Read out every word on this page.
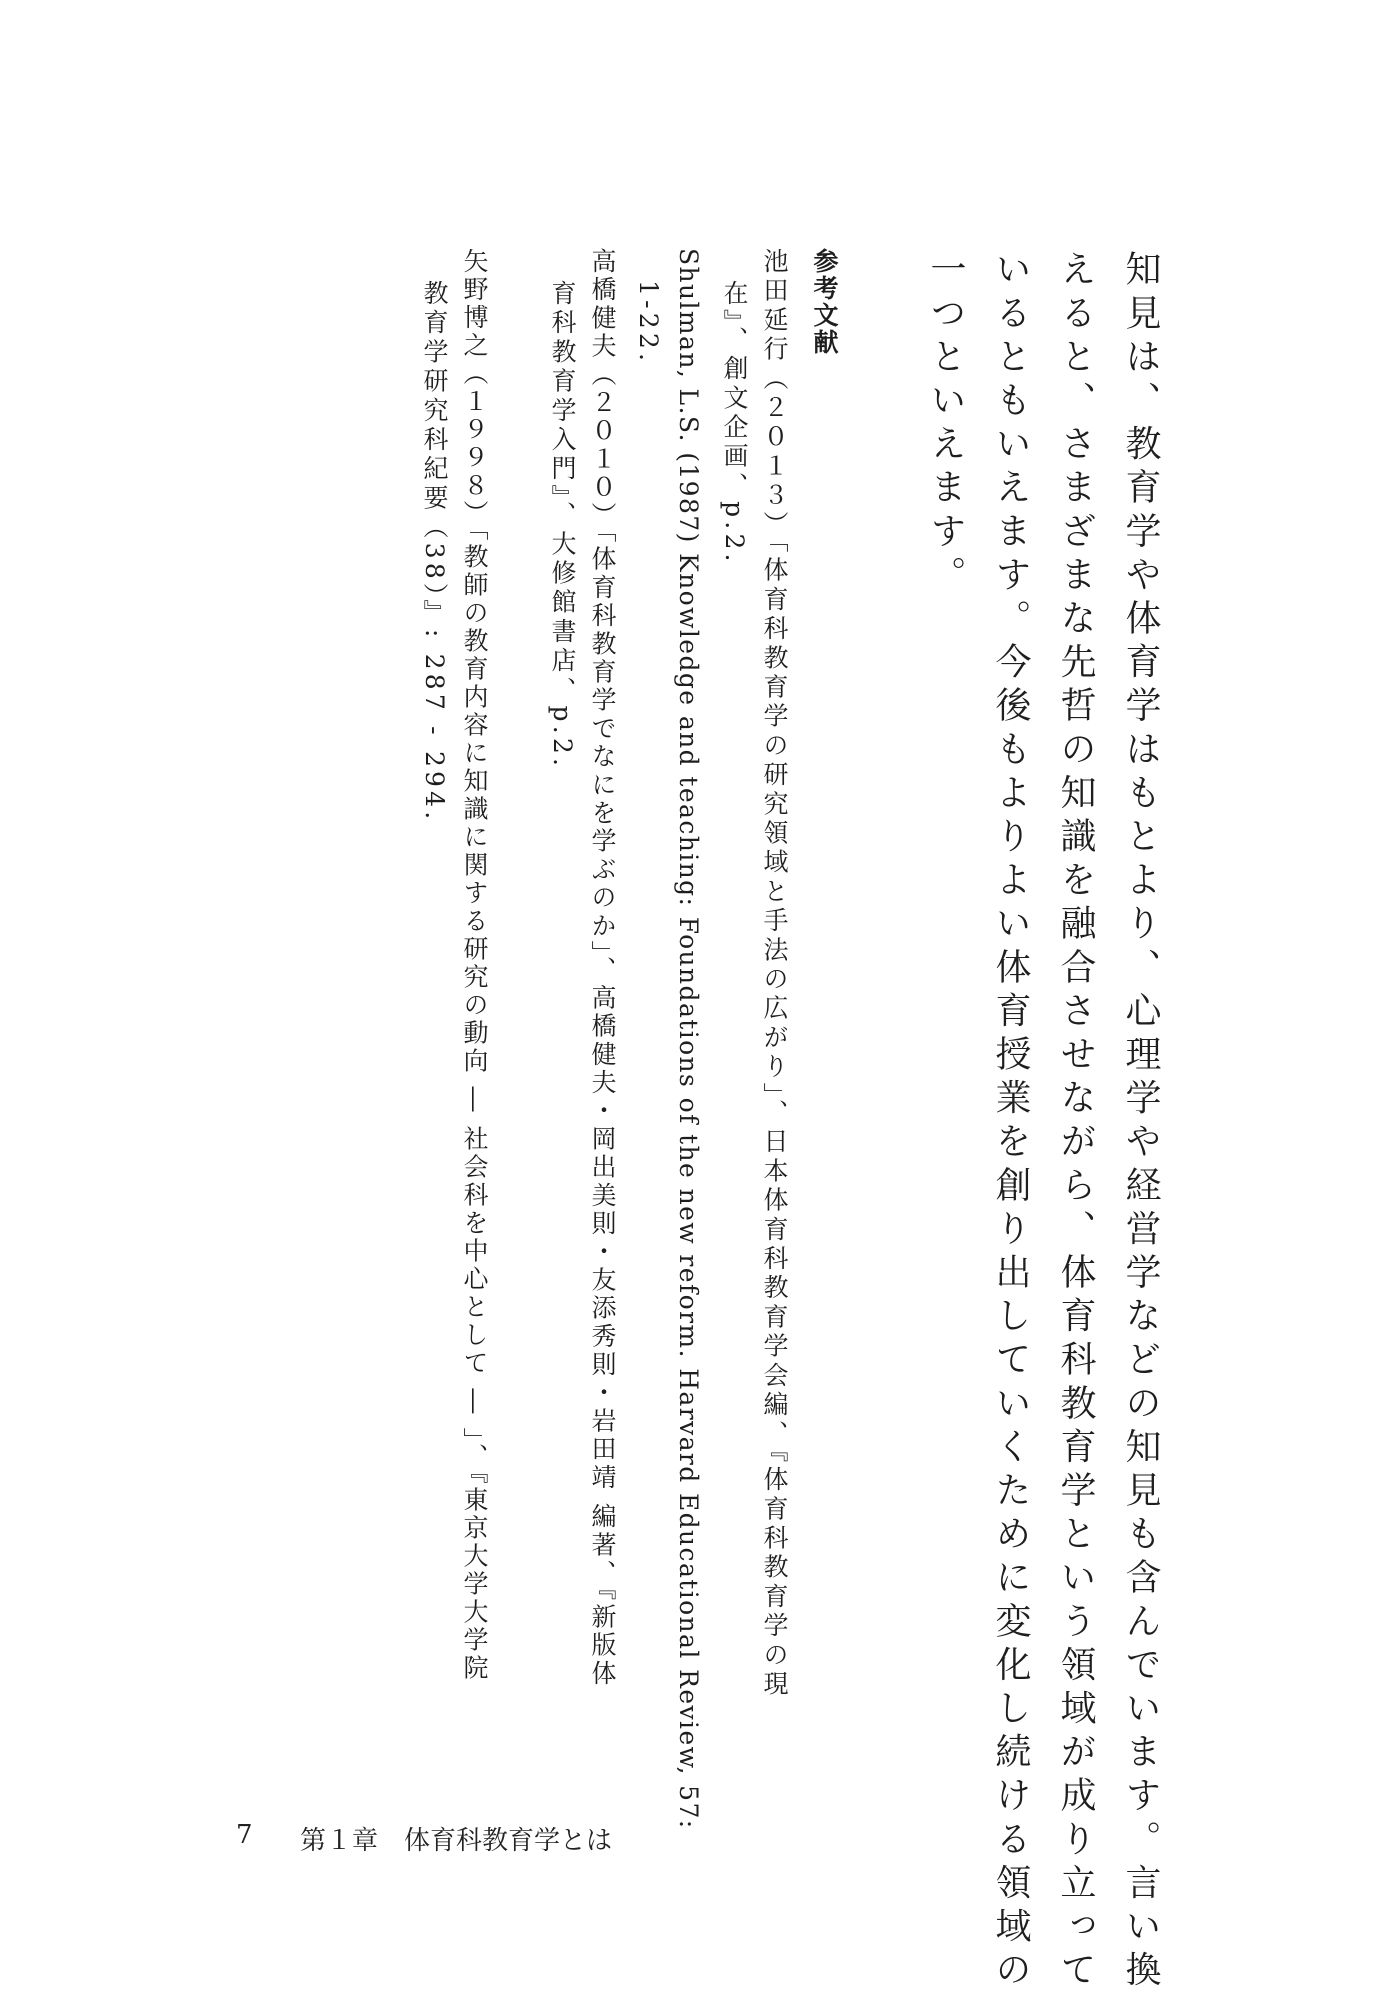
知見は、教育学や体育学はもとより、心理学や経営学などの知見も含んでいます。言い換

えると、さまざまな先哲の知識を融合させながら、体育科教育学という領域が成り立って

いるともいえます。今後もよりよい体育授業を創り出していくために変化し続ける領域の

一つといえます。

参考文献

池田延行（２０１３）「体育科教育学の研究領域と手法の広がり」、日本体育科教育学会編、『体育科教育学の現

在』、創文企画、p.2.

Shulman, L.S. (1987) Knowledge and teaching: Foundations of the new reform. Harvard Educational Review, 57:

1-22.

高橋健夫（２０１０）「体育科教育学でなにを学ぶのか」、高橋健夫・岡出美則・友添秀則・岩田靖 編著、『新版体

育科教育学入門』、大修館書店、p.2.

矢野博之（１９９８）「教師の教育内容に知識に関する研究の動向 ― 社会科を中心として ― 」、『東京大学大学院

教育学研究科紀要（38）』: 287 - 294.

7 第１章　体育科教育学とは
